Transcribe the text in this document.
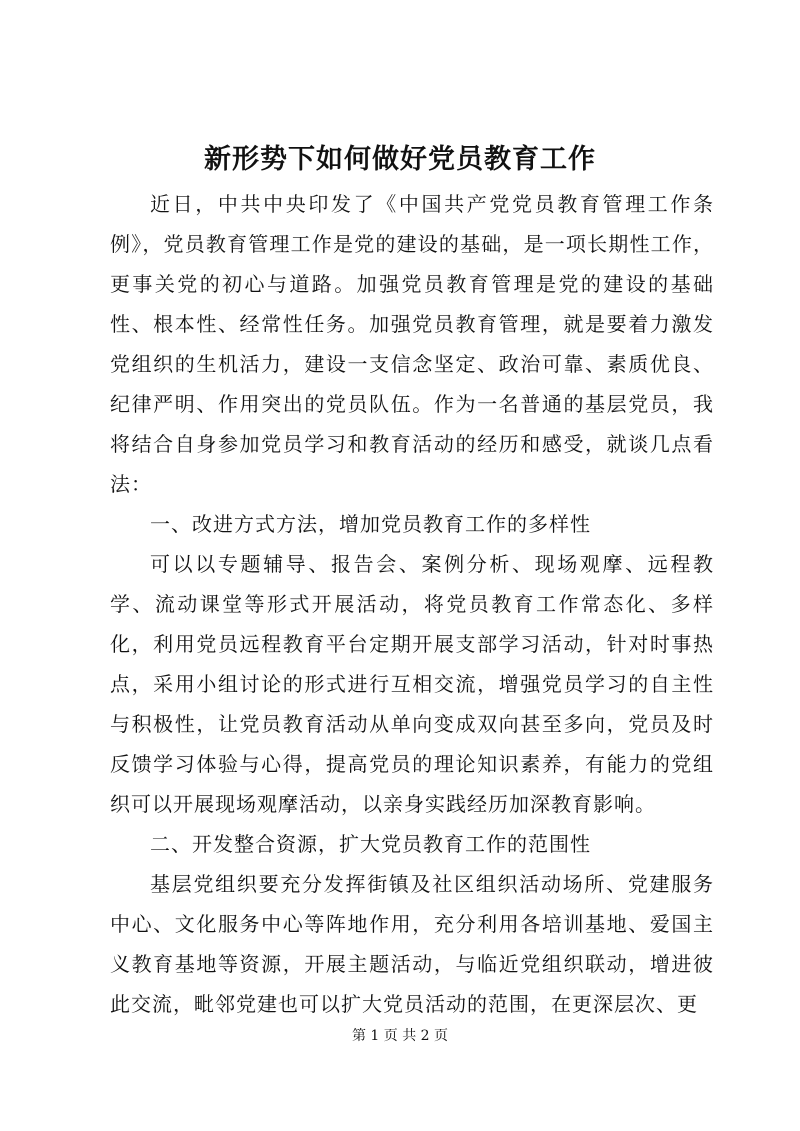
新形势下如何做好党员教育工作

近日，中共中央印发了《中国共产党党员教育管理工作条例》，党员教育管理工作是党的建设的基础，是一项长期性工作，更事关党的初心与道路。加强党员教育管理是党的建设的基础性、根本性、经常性任务。加强党员教育管理，就是要着力激发党组织的生机活力，建设一支信念坚定、政治可靠、素质优良、纪律严明、作用突出的党员队伍。作为一名普通的基层党员，我将结合自身参加党员学习和教育活动的经历和感受，就谈几点看法：

一、改进方式方法，增加党员教育工作的多样性

可以以专题辅导、报告会、案例分析、现场观摩、远程教学、流动课堂等形式开展活动，将党员教育工作常态化、多样化，利用党员远程教育平台定期开展支部学习活动，针对时事热点，采用小组讨论的形式进行互相交流，增强党员学习的自主性与积极性，让党员教育活动从单向变成双向甚至多向，党员及时反馈学习体验与心得，提高党员的理论知识素养，有能力的党组织可以开展现场观摩活动，以亲身实践经历加深教育影响。

二、开发整合资源，扩大党员教育工作的范围性

基层党组织要充分发挥街镇及社区组织活动场所、党建服务中心、文化服务中心等阵地作用，充分利用各培训基地、爱国主义教育基地等资源，开展主题活动，与临近党组织联动，增进彼此交流，毗邻党建也可以扩大党员活动的范围，在更深层次、更

第 1 页 共 2 页
